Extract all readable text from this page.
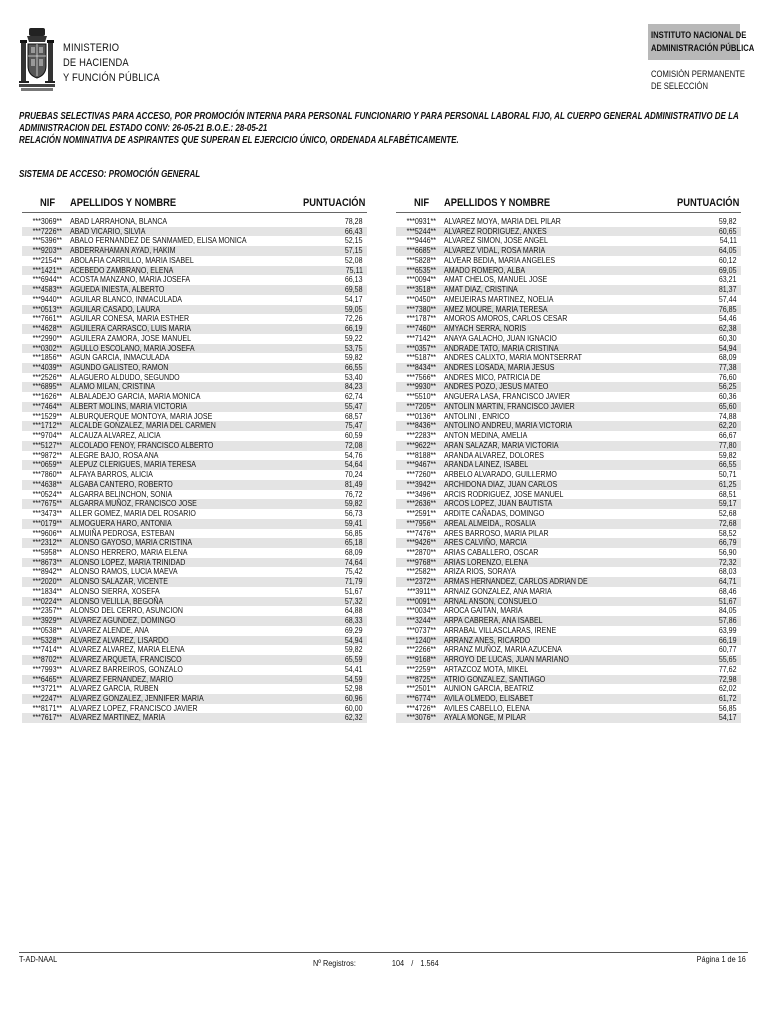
MINISTERIO
DE HACIENDA
Y FUNCIÓN PÚBLICA
INSTITUTO NACIONAL DE
ADMINISTRACIÓN PÚBLICA
COMISIÓN PERMANENTE
DE SELECCIÓN
PRUEBAS SELECTIVAS PARA ACCESO, POR PROMOCIÓN INTERNA PARA PERSONAL FUNCIONARIO Y PARA PERSONAL LABORAL FIJO, AL CUERPO GENERAL ADMINISTRATIVO DE LA
ADMINISTRACION DEL ESTADO CONV: 26-05-21 B.O.E.: 28-05-21
RELACIÓN NOMINATIVA DE ASPIRANTES QUE SUPERAN EL EJERCICIO ÚNICO, ORDENADA ALFABÉTICAMENTE.
SISTEMA DE ACCESO: PROMOCIÓN GENERAL
NIF APELLIDOS Y NOMBRE	PUNTUACIÓN
***3069** ABAD LARRAHONA, BLANCA	78,28
***7226** ABAD VICARIO, SILVIA	66,43
***5396** ABALO FERNANDEZ DE SANMAMED, ELISA MONICA	52,15
***9203** ABDERRAHAMAN AYAD, HAKIM	57,15
***2154** ABOLAFIA CARRILLO, MARIA ISABEL	52,08
***1421** ACEBEDO ZAMBRANO, ELENA	75,11
***6944** ACOSTA MANZANO, MARIA JOSEFA	66,13
***4583** AGUEDA INIESTA, ALBERTO	69,58
***9440** AGUILAR BLANCO, INMACULADA	54,17
***0513** AGUILAR CASADO, LAURA	59,05
***7661** AGUILAR CONESA, MARIA ESTHER	72,26
***4628** AGUILERA CARRASCO, LUIS MARIA	66,19
***2990** AGUILERA ZAMORA, JOSE MANUEL	59,22
***0302** AGULLO ESCOLANO, MARIA JOSEFA	53,75
***1856** AGUN GARCIA, INMACULADA	59,82
***4039** AGUNDO GALISTEO, RAMON	66,55
***2526** ALAGUERO ALDUDO, SEGUNDO	53,40
***6895** ALAMO MILAN, CRISTINA	84,23
***1626** ALBALADEJO GARCIA, MARIA MONICA	62,74
***7464** ALBERT MOLINS, MARIA VICTORIA	55,47
***1529** ALBURQUERQUE MONTOYA, MARIA JOSE	68,57
***1712** ALCALDE GONZALEZ, MARIA DEL CARMEN	75,47
***9704** ALCAUZA ALVAREZ, ALICIA	60,59
***5127** ALCOLADO FENOY, FRANCISCO ALBERTO	72,08
***9872** ALEGRE BAJO, ROSA ANA	54,76
***0659** ALEPUZ CLERIGUES, MARIA TERESA	54,64
***7860** ALFAYA BARROS, ALICIA	70,24
***4638** ALGABA CANTERO, ROBERTO	81,49
***0524** ALGARRA BELINCHON, SONIA	76,72
***7675** ALGARRA MUÑOZ, FRANCISCO JOSE	59,82
***3473** ALLER GOMEZ, MARIA DEL ROSARIO	56,73
***0179** ALMOGUERA HARO, ANTONIA	59,41
***9606** ALMUIÑA PEDROSA, ESTEBAN	56,85
***2312** ALONSO GAYOSO, MARIA CRISTINA	65,18
***5958** ALONSO HERRERO, MARIA ELENA	68,09
***8673** ALONSO LOPEZ, MARIA TRINIDAD	74,64
***8942** ALONSO RAMOS, LUCIA MAEVA	75,42
***2020** ALONSO SALAZAR, VICENTE	71,79
***1834** ALONSO SIERRA, XOSEFA	51,67
***0224** ALONSO VELILLA, BEGOÑA	57,32
***2357** ALONSO DEL CERRO, ASUNCION	64,88
***3929** ALVAREZ AGUNDEZ, DOMINGO	68,33
***0538** ALVAREZ ALENDE, ANA	69,29
***5328** ALVAREZ ALVAREZ, LISARDO	54,94
***7414** ALVAREZ ALVAREZ, MARIA ELENA	59,82
***8702** ALVAREZ ARQUETA, FRANCISCO	65,59
***7993** ALVAREZ BARREIROS, GONZALO	54,41
***6465** ALVAREZ FERNANDEZ, MARIO	54,59
***3721** ALVAREZ GARCIA, RUBEN	52,98
***2247** ALVAREZ GONZALEZ, JENNIFER MARIA	60,96
***8171** ALVAREZ LOPEZ, FRANCISCO JAVIER	60,00
***7617** ALVAREZ MARTINEZ, MARIA	62,32
NIF APELLIDOS Y NOMBRE	PUNTUACIÓN
***0931** ALVAREZ MOYA, MARIA DEL PILAR	59,82
***5244** ALVAREZ RODRIGUEZ, ANXES	60,65
***9446** ALVAREZ SIMON, JOSE ANGEL	54,11
***6685** ALVAREZ VIDAL, ROSA MARIA	64,05
***5828** ALVEAR BEDIA, MARIA ANGELES	60,12
***6535** AMADO ROMERO, ALBA	69,05
***0094** AMAT CHELOS, MANUEL JOSE	63,21
***3518** AMAT DIAZ, CRISTINA	81,37
***0450** AMEIJEIRAS MARTINEZ, NOELIA	57,44
***7380** AMEZ MOURE, MARIA TERESA	76,85
***1787** AMOROS AMOROS, CARLOS CESAR	54,46
***7460** AMYACH SERRA, NORIS	62,38
***7142** ANAYA GALACHO, JUAN IGNACIO	60,30
***0357** ANDRADE TATO, MARIA CRISTINA	54,94
***5187** ANDRES CALIXTO, MARIA MONTSERRAT	68,09
***8434** ANDRES LOSADA, MARIA JESUS	77,38
***7566** ANDRES MICO, PATRICIA DE	76,60
***9930** ANDRES POZO, JESUS MATEO	56,25
***5510** ANGUERA LASA, FRANCISCO JAVIER	60,36
***7205** ANTOLIN MARTIN, FRANCISCO JAVIER	65,60
***0136** ANTOLINI , ENRICO	74,88
***8436** ANTOLINO ANDREU, MARIA VICTORIA	62,20
***2283** ANTON MEDINA, AMELIA	66,67
***9622** ARAN SALAZAR, MARIA VICTORIA	77,80
***8188** ARANDA ALVAREZ, DOLORES	59,82
***9467** ARANDA LAINEZ, ISABEL	66,55
***7260** ARBELO ALVARADO, GUILLERMO	50,71
***3942** ARCHIDONA DIAZ, JUAN CARLOS	61,25
***3496** ARCIS RODRIGUEZ, JOSE MANUEL	68,51
***2636** ARCOS LOPEZ, JUAN BAUTISTA	59,17
***2591** ARDITE CAÑADAS, DOMINGO	52,68
***7956** AREAL ALMEIDA,, ROSALIA	72,68
***7476** ARES BARROSO, MARIA PILAR	58,52
***9426** ARES CALVIÑO, MARCIA	66,79
***2870** ARIAS CABALLERO, OSCAR	56,90
***9768** ARIAS LORENZO, ELENA	72,32
***2582** ARIZA RIOS, SORAYA	68,03
***2372** ARMAS HERNANDEZ, CARLOS ADRIAN DE	64,71
***3911** ARNAIZ GONZALEZ, ANA MARIA	68,46
***0091** ARNAL ANSON, CONSUELO	51,67
***0034** AROCA GAITAN, MARIA	84,05
***3244** ARPA CABRERA, ANA ISABEL	57,86
***0737** ARRABAL VILLASCLARAS, IRENE	63,99
***1240** ARRANZ ANES, RICARDO	66,19
***2266** ARRANZ MUÑOZ, MARIA AZUCENA	60,77
***9168** ARROYO DE LUCAS, JUAN MARIANO	55,65
***2259** ARTAZCOZ MOTA, MIKEL	77,62
***8725** ATRIO GONZALEZ, SANTIAGO	72,98
***2501** AUNION GARCIA, BEATRIZ	62,02
***6774** AVILA OLMEDO, ELISABET	61,72
***4726** AVILES CABELLO, ELENA	56,85
***3076** AYALA MONGE, M PILAR	54,17
T-AD-NAAL	Nº Registros:	104 / 1.564	Página 1 de 16
